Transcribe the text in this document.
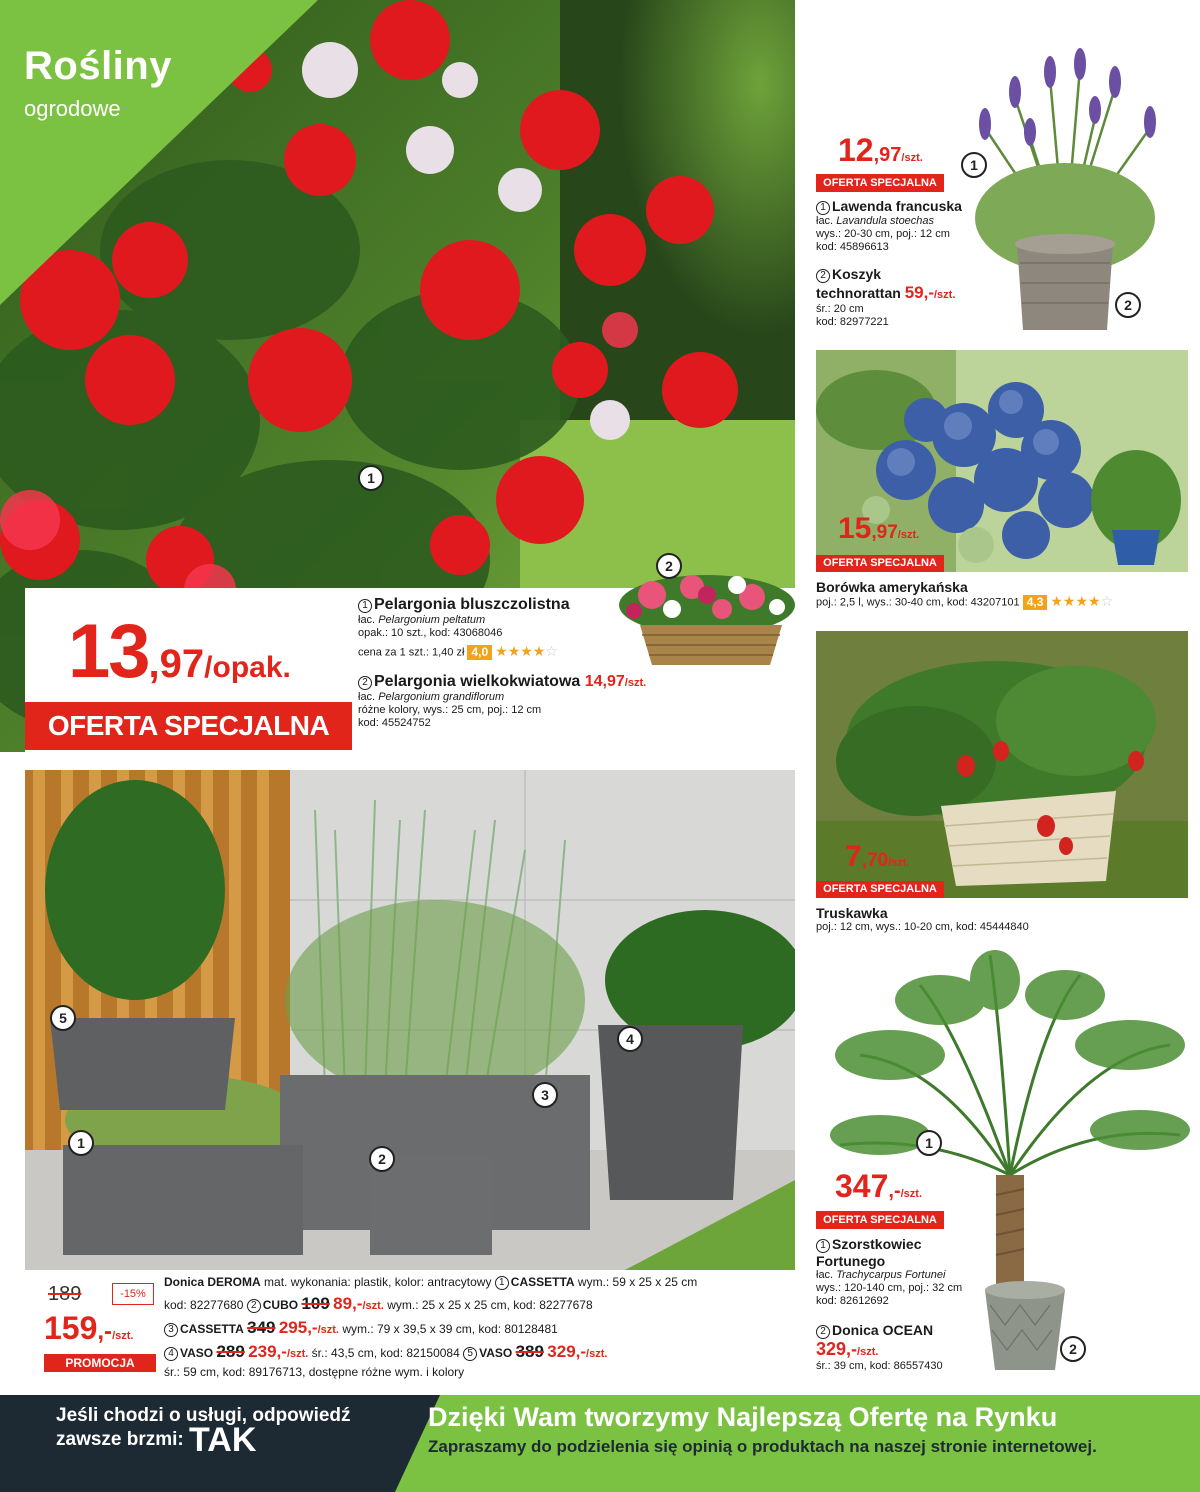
Rośliny
ogrodowe
1
13,97/opak.
OFERTA SPECJALNA
1 Pelargonia bluszczolistna
łac. Pelargonium peltatum
opak.: 10 szt., kod: 43068046
cena za 1 szt.: 1,40 zł 4,0 ★★★★☆
2 Pelargonia wielkokwiatowa 14,97/szt.
łac. Pelargonium grandiflorum
różne kolory, wys.: 25 cm, poj.: 12 cm
kod: 45524752
2
12,97/szt.
OFERTA SPECJALNA
1 Lawenda francuska
łac. Lavandula stoechas
wys.: 20-30 cm, poj.: 12 cm
kod: 45896613
2 Koszyk
technorattan 59,-/szt.
śr.: 20 cm
kod: 82977221
1
2
15,97/szt.
OFERTA SPECJALNA
Borówka amerykańska
poj.: 2,5 l, wys.: 30-40 cm, kod: 43207101 4,3 ★★★★☆
7,70/szt.
OFERTA SPECJALNA
Truskawka
poj.: 12 cm, wys.: 10-20 cm, kod: 45444840
1
2
347,-/szt.
OFERTA SPECJALNA
1 Szorstkowiec
Fortunego
łac. Trachycarpus Fortunei
wys.: 120-140 cm, poj.: 32 cm
kod: 82612692
2 Donica OCEAN
329,-/szt.
śr.: 39 cm, kod: 86557430
5
4
3
1
2
189	-15%
159,-/szt.
PROMOCJA
Donica DEROMA mat. wykonania: plastik, kolor: antracytowy 1 CASSETTA wym.: 59 x 25 x 25 cm
kod: 82277680 2 CUBO 109 89,-/szt. wym.: 25 x 25 x 25 cm, kod: 82277678
3 CASSETTA 349 295,-/szt. wym.: 79 x 39,5 x 39 cm, kod: 80128481
4 VASO 289 239,-/szt. śr.: 43,5 cm, kod: 82150084 5 VASO 389 329,-/szt.
śr.: 59 cm, kod: 89176713, dostępne różne wym. i kolory
Jeśli chodzi o usługi, odpowiedź
zawsze brzmi: TAK
Dzięki Wam tworzymy Najlepszą Ofertę na Rynku
Zapraszamy do podzielenia się opinią o produktach na naszej stronie internetowej.
